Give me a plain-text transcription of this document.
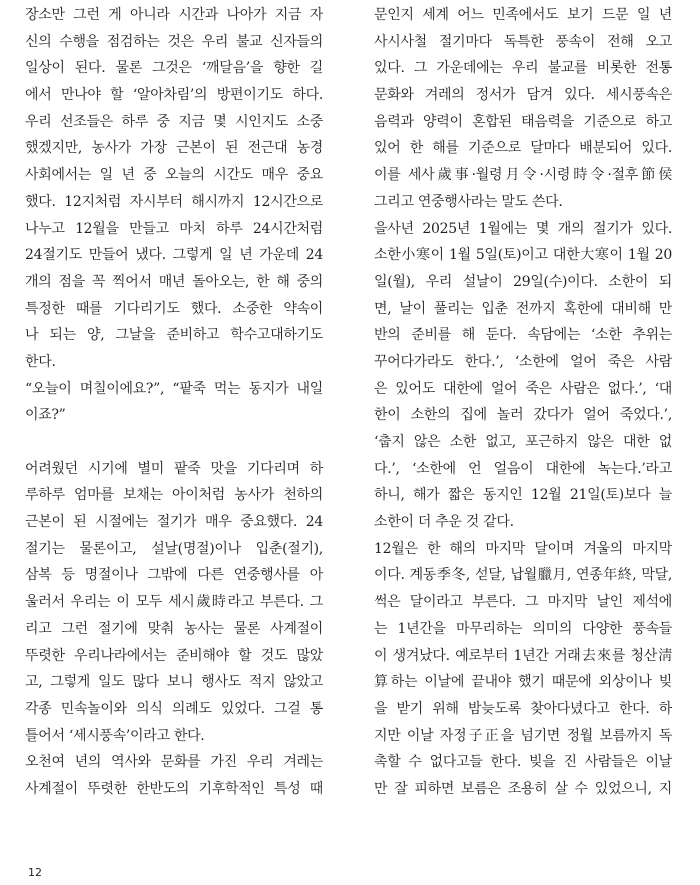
장소만 그런 게 아니라 시간과 나아가 지금 자
신의 수행을 점검하는 것은 우리 불교 신자들의
일상이 된다. 물론 그것은 ‘깨달음’을 향한 길
에서 만나야 할 ‘알아차림’의 방편이기도 하다.
우리 선조들은 하루 중 지금 몇 시인지도 소중
했겠지만, 농사가 가장 근본이 된 전근대 농경
사회에서는 일 년 중 오늘의 시간도 매우 중요
했다. 12지처럼 자시부터 해시까지 12시간으로
나누고 12월을 만들고 마치 하루 24시간처럼
24절기도 만들어 냈다. 그렇게 일 년 가운데 24
개의 점을 꼭 찍어서 매년 돌아오는, 한 해 중의
특정한 때를 기다리기도 했다. 소중한 약속이
나 되는 양, 그날을 준비하고 학수고대하기도
한다.
“오늘이 며칠이에요?”, “팥죽 먹는 동지가 내일
이죠?”
어려웠던 시기에 별미 팥죽 맛을 기다리며 하
루하루 엄마를 보채는 아이처럼 농사가 천하의
근본이 된 시절에는 절기가 매우 중요했다. 24
절기는 물론이고, 설날(명절)이나 입춘(절기),
삼복 등 명절이나 그밖에 다른 연중행사를 아
울러서 우리는 이 모두 세시歲時라고 부른다. 그
리고 그런 절기에 맞춰 농사는 물론 사계절이
뚜렷한 우리나라에서는 준비해야 할 것도 많았
고, 그렇게 일도 많다 보니 행사도 적지 않았고
각종 민속놀이와 의식 의례도 있었다. 그걸 통
틀어서 ‘세시풍속’이라고 한다.
오천여 년의 역사와 문화를 가진 우리 겨레는
사계절이 뚜렷한 한반도의 기후학적인 특성 때
문인지 세계 어느 민족에서도 보기 드문 일 년
사시사철 절기마다 독특한 풍속이 전해 오고
있다. 그 가운데에는 우리 불교를 비롯한 전통
문화와 겨레의 정서가 담겨 있다. 세시풍속은
음력과 양력이 혼합된 태음력을 기준으로 하고
있어 한 해를 기준으로 달마다 배분되어 있다.
이를 세사歲事·월령月令·시령時令·절후節侯
그리고 연중행사라는 말도 쓴다.
을사년 2025년 1월에는 몇 개의 절기가 있다.
소한小寒이 1월 5일(토)이고 대한大寒이 1월 20
일(월), 우리 설날이 29일(수)이다. 소한이 되
면, 날이 풀리는 입춘 전까지 혹한에 대비해 만
반의 준비를 해 둔다. 속담에는 ‘소한 추위는
꾸어다가라도 한다.’, ‘소한에 얼어 죽은 사람
은 있어도 대한에 얼어 죽은 사람은 없다.’, ‘대
한이 소한의 집에 놀러 갔다가 얼어 죽었다.’,
‘춥지 않은 소한 없고, 포근하지 않은 대한 없
다.’, ‘소한에 언 얼음이 대한에 녹는다.’라고
하니, 해가 짧은 동지인 12월 21일(토)보다 늘
소한이 더 추운 것 같다.
12월은 한 해의 마지막 달이며 겨울의 마지막
이다. 계동季冬, 섣달, 납월臘月, 연종年終, 막달,
썩은 달이라고 부른다. 그 마지막 날인 제석에
는 1년간을 마무리하는 의미의 다양한 풍속들
이 생겨났다. 예로부터 1년간 거래去來를 청산淸
算하는 이날에 끝내야 했기 때문에 외상이나 빚
을 받기 위해 밤늦도록 찾아다녔다고 한다. 하
지만 이날 자정子正을 넘기면 정월 보름까지 독
촉할 수 없다고들 한다. 빚을 진 사람들은 이날
만 잘 피하면 보름은 조용히 살 수 있었으니, 지
12
